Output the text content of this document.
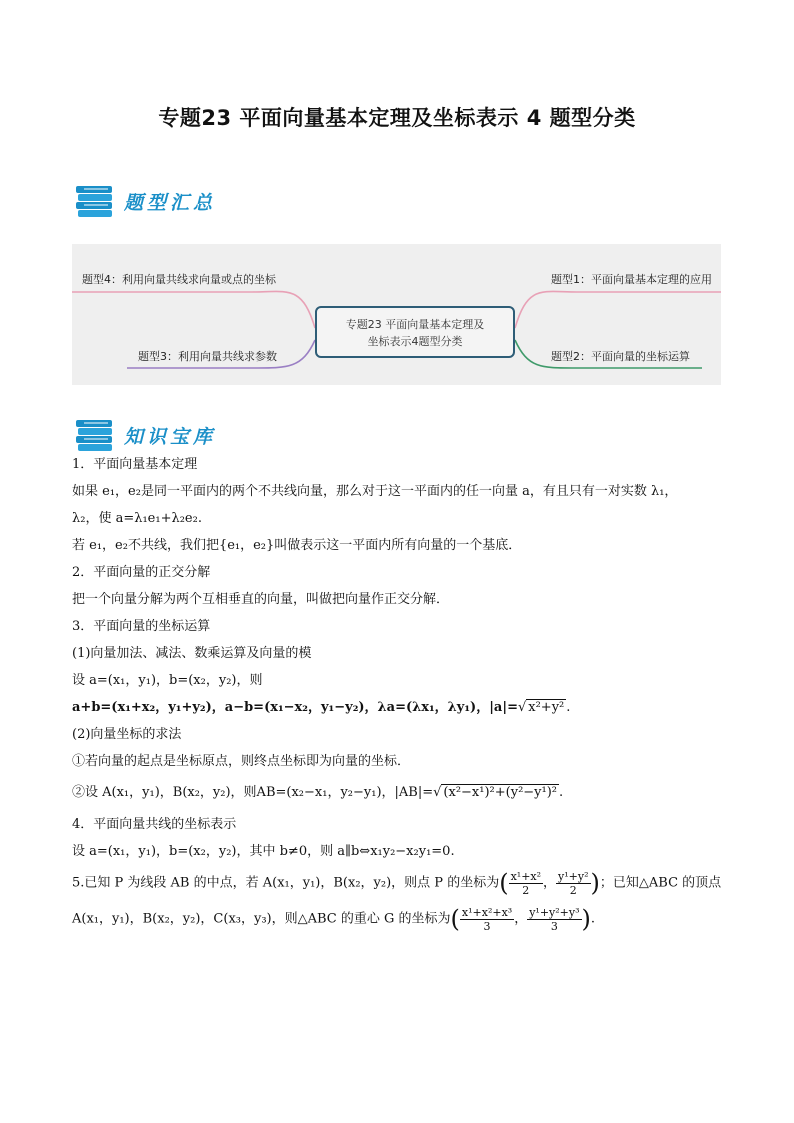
专题23 平面向量基本定理及坐标表示 4 题型分类
题型汇总
题型4：利用向量共线求向量或点的坐标
题型3：利用向量共线求参数
题型1：平面向量基本定理的应用
题型2：平面向量的坐标运算
专题23 平面向量基本定理及
坐标表示4题型分类
知识宝库
1．平面向量基本定理
如果 e₁，e₂是同一平面内的两个不共线向量，那么对于这一平面内的任一向量 a，有且只有一对实数 λ₁，
λ₂，使 a=λ₁e₁+λ₂e₂.
若 e₁，e₂不共线，我们把{e₁，e₂}叫做表示这一平面内所有向量的一个基底．
2．平面向量的正交分解
把一个向量分解为两个互相垂直的向量，叫做把向量作正交分解．
3．平面向量的坐标运算
(1)向量加法、减法、数乘运算及向量的模
设 a=(x₁，y₁)，b=(x₂，y₂)，则
a+b=(x₁+x₂，y₁+y₂)，a−b=(x₁−x₂，y₁−y₂)，λa=(λx₁，λy₁)，|a|=√ x²+y² .
(2)向量坐标的求法
①若向量的起点是坐标原点，则终点坐标即为向量的坐标．
②设 A(x₁，y₁)，B(x₂，y₂)，则AB=(x₂−x₁，y₂−y₁)，|AB|=√ (x²−x¹)²+(y²−y¹)² .
4．平面向量共线的坐标表示
设 a=(x₁，y₁)，b=(x₂，y₂)，其中 b≠0，则 a∥b⇔x₁y₂−x₂y₁=0.
5.已知 P 为线段 AB 的中点，若 A(x₁，y₁)，B(x₂，y₂)，则点 P 的坐标为( $\frac{\text{x¹+x²}}{2}$ ， $\frac{\text{y¹+y²}}{2}$ )；已知△ABC 的顶点
A(x₁，y₁)，B(x₂，y₂)，C(x₃，y₃)，则△ABC 的重心 G 的坐标为( $\frac{\text{x¹+x²+x³}}{3}$ ， $\frac{\text{y¹+y²+y³}}{3}$ ).
